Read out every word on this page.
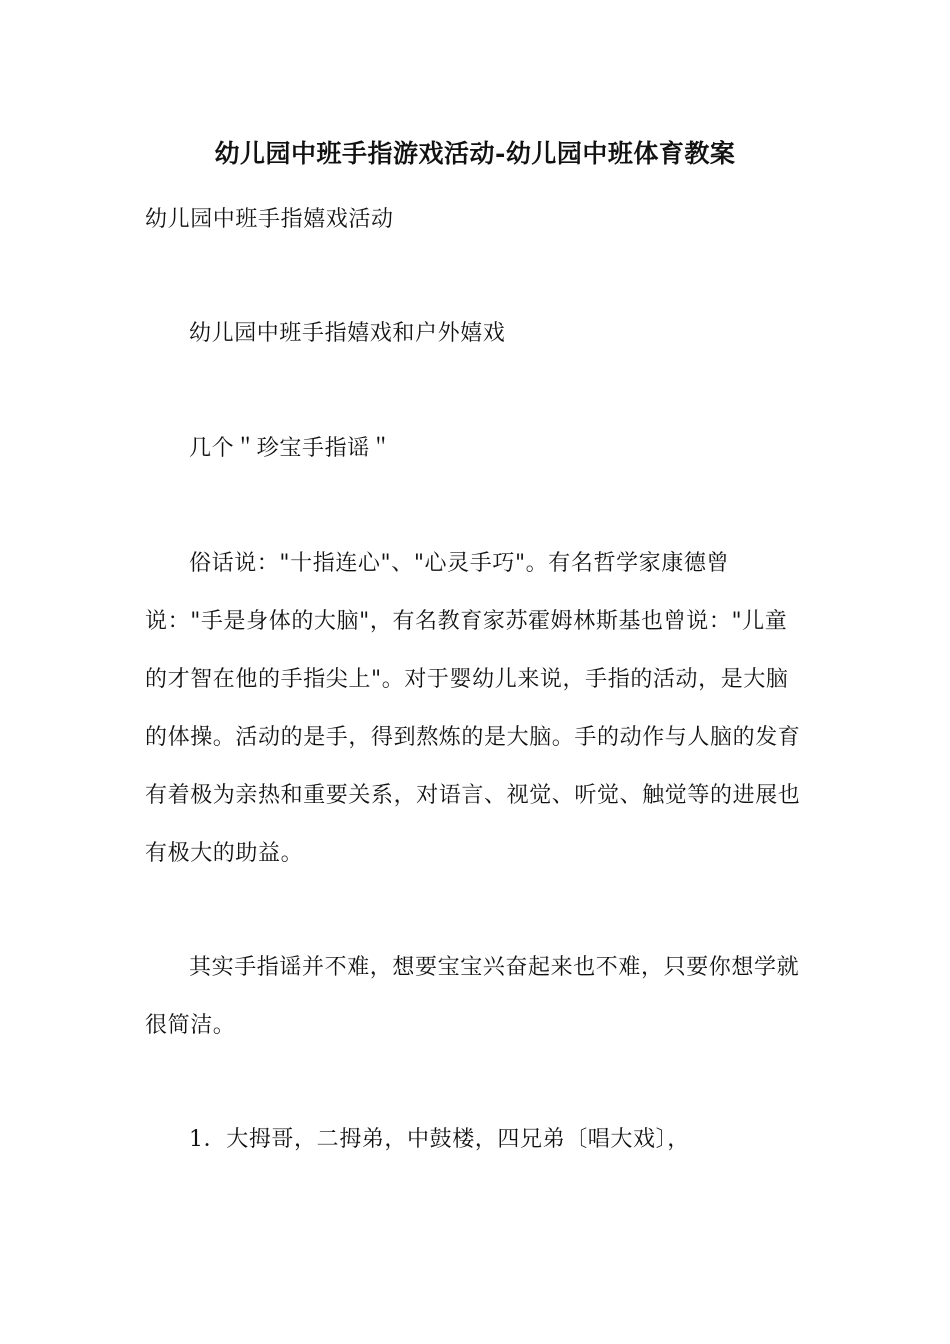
幼儿园中班手指游戏活动-幼儿园中班体育教案

幼儿园中班手指嬉戏活动

幼儿园中班手指嬉戏和户外嬉戏

几个＂珍宝手指谣＂

俗话说："十指连心"、"心灵手巧"。有名哲学家康德曾说："手是身体的大脑"，有名教育家苏霍姆林斯基也曾说："儿童的才智在他的手指尖上"。对于婴幼儿来说，手指的活动，是大脑的体操。活动的是手，得到熬炼的是大脑。手的动作与人脑的发育有着极为亲热和重要关系，对语言、视觉、听觉、触觉等的进展也有极大的助益。

其实手指谣并不难，想要宝宝兴奋起来也不难，只要你想学就很简洁。

1．大拇哥，二拇弟，中鼓楼，四兄弟〔唱大戏〕，
